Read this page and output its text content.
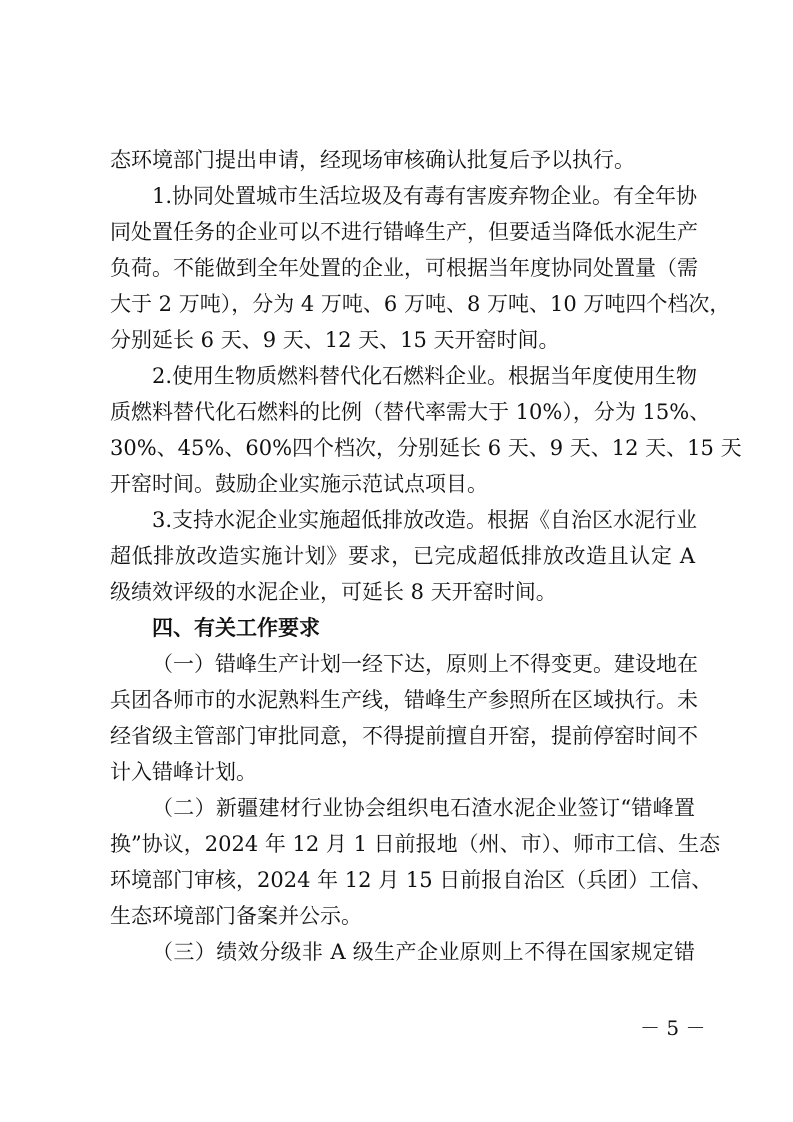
态环境部门提出申请，经现场审核确认批复后予以执行。
1.协同处置城市生活垃圾及有毒有害废弃物企业。有全年协
同处置任务的企业可以不进行错峰生产，但要适当降低水泥生产
负荷。不能做到全年处置的企业，可根据当年度协同处置量（需
大于 2 万吨），分为 4 万吨、6 万吨、8 万吨、10 万吨四个档次，
分别延长 6 天、9 天、12 天、15 天开窑时间。
2.使用生物质燃料替代化石燃料企业。根据当年度使用生物
质燃料替代化石燃料的比例（替代率需大于 10%），分为 15%、
30%、45%、60%四个档次，分别延长 6 天、9 天、12 天、15 天
开窑时间。鼓励企业实施示范试点项目。
3.支持水泥企业实施超低排放改造。根据《自治区水泥行业
超低排放改造实施计划》要求，已完成超低排放改造且认定 A
级绩效评级的水泥企业，可延长 8 天开窑时间。
四、有关工作要求
（一）错峰生产计划一经下达，原则上不得变更。建设地在
兵团各师市的水泥熟料生产线，错峰生产参照所在区域执行。未
经省级主管部门审批同意，不得提前擅自开窑，提前停窑时间不
计入错峰计划。
（二）新疆建材行业协会组织电石渣水泥企业签订“错峰置
换”协议，2024 年 12 月 1 日前报地（州、市）、师市工信、生态
环境部门审核，2024 年 12 月 15 日前报自治区（兵团）工信、
生态环境部门备案并公示。
（三）绩效分级非 A 级生产企业原则上不得在国家规定错
－ 5 －
